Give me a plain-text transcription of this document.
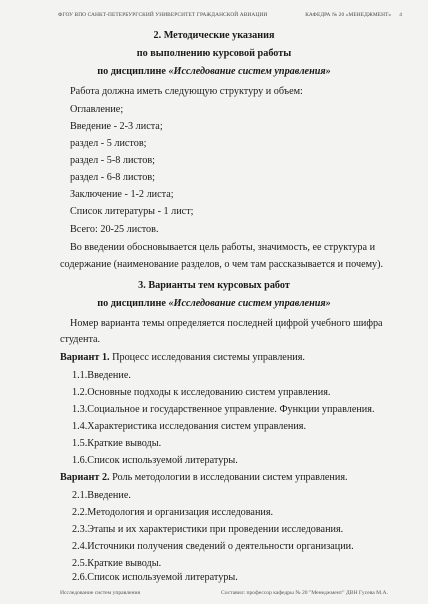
ФГОУ ВПО САНКТ-ПЕТЕРБУРГСКИЙ УНИВЕРСИТЕТ ГРАЖДАНСКОЙ АВИАЦИИ	КАФЕДРА № 20 «МЕНЕДЖМЕНТ» 4
2. Методические указания
по выполнению курсовой работы
по дисциплине «Исследование систем управления»
Работа должна иметь следующую структуру и объем:
Оглавление;
Введение - 2-3 листа;
раздел - 5 листов;
раздел - 5-8 листов;
раздел - 6-8 листов;
Заключение - 1-2 листа;
Список литературы - 1 лист;
Всего: 20-25 листов.
Во введении обосновывается цель работы, значимость, ее структура и
содержание (наименование разделов, о чем там рассказывается и почему).
3. Варианты тем курсовых работ
по дисциплине «Исследование систем управления»
Номер варианта темы определяется последней цифрой учебного шифра
студента.
Вариант 1. Процесс исследования системы управления.
1.1.Введение.
1.2.Основные подходы к исследованию систем управления.
1.3.Социальное и государственное управление. Функции управления.
1.4.Характеристика исследования систем управления.
1.5.Краткие выводы.
1.6.Список используемой литературы.
Вариант 2. Роль методологии в исследовании систем управления.
2.1.Введение.
2.2.Методология и организация исследования.
2.3.Этапы и их характеристики при проведении исследования.
2.4.Источники получения сведений о деятельности организации.
2.5.Краткие выводы.
2.6.Список используемой литературы.
Исследование систем управления	Составил: профессор кафедры № 20 "Менеджмент" ДВН Гусева М.А.
